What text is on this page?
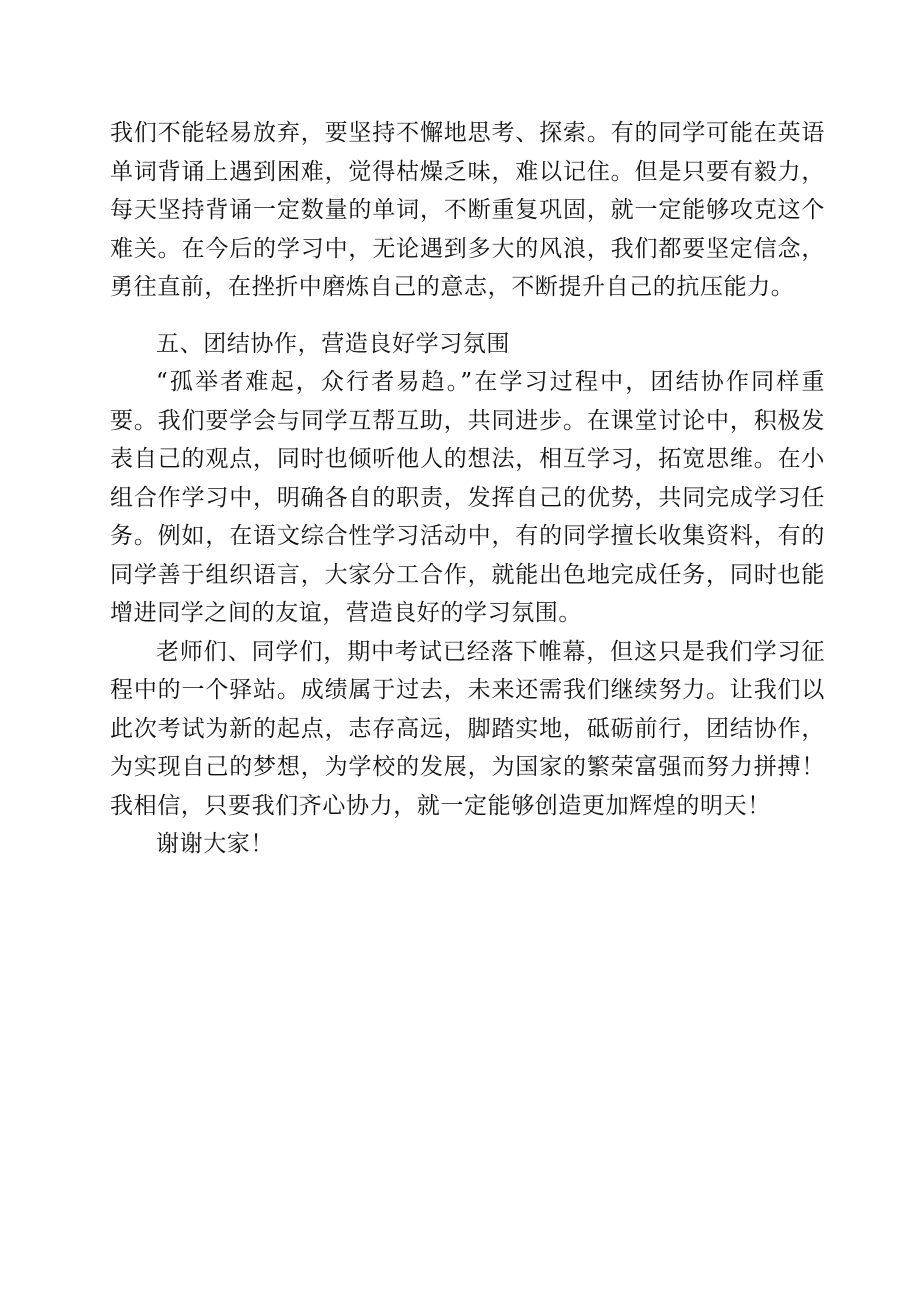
我们不能轻易放弃，要坚持不懈地思考、探索。有的同学可能在英语单词背诵上遇到困难，觉得枯燥乏味，难以记住。但是只要有毅力，每天坚持背诵一定数量的单词，不断重复巩固，就一定能够攻克这个难关。在今后的学习中，无论遇到多大的风浪，我们都要坚定信念，勇往直前，在挫折中磨炼自己的意志，不断提升自己的抗压能力。

五、团结协作，营造良好学习氛围

“孤举者难起，众行者易趋。”在学习过程中，团结协作同样重要。我们要学会与同学互帮互助，共同进步。在课堂讨论中，积极发表自己的观点，同时也倾听他人的想法，相互学习，拓宽思维。在小组合作学习中，明确各自的职责，发挥自己的优势，共同完成学习任务。例如，在语文综合性学习活动中，有的同学擅长收集资料，有的同学善于组织语言，大家分工合作，就能出色地完成任务，同时也能增进同学之间的友谊，营造良好的学习氛围。

老师们、同学们，期中考试已经落下帷幕，但这只是我们学习征程中的一个驿站。成绩属于过去，未来还需我们继续努力。让我们以此次考试为新的起点，志存高远，脚踏实地，砥砺前行，团结协作，为实现自己的梦想，为学校的发展，为国家的繁荣富强而努力拼搏！我相信，只要我们齐心协力，就一定能够创造更加辉煌的明天！

谢谢大家！
